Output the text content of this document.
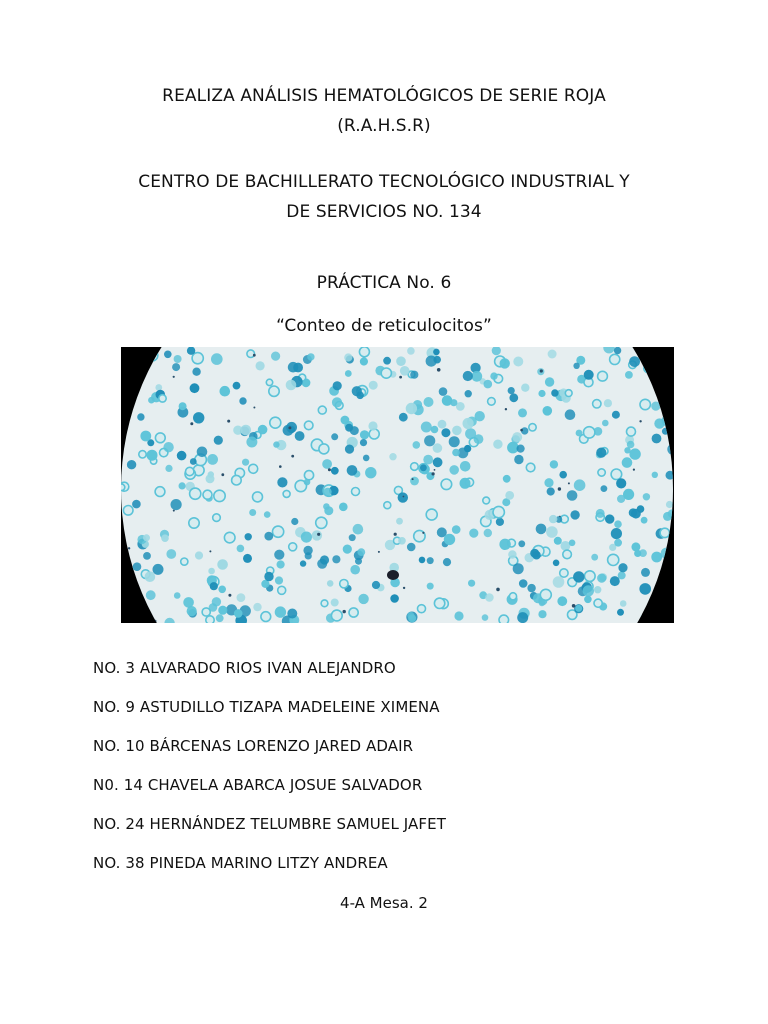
REALIZA ANÁLISIS HEMATOLÓGICOS DE SERIE ROJA
(R.A.H.S.R)
CENTRO DE BACHILLERATO TECNOLÓGICO INDUSTRIAL Y
DE SERVICIOS NO. 134
PRÁCTICA No. 6
“Conteo de reticulocitos”
NO. 3 ALVARADO RIOS IVAN ALEJANDRO
NO. 9 ASTUDILLO TIZAPA MADELEINE XIMENA
NO. 10 BÁRCENAS LORENZO JARED ADAIR
N0. 14 CHAVELA ABARCA JOSUE SALVADOR
NO. 24 HERNÁNDEZ TELUMBRE SAMUEL JAFET
NO. 38 PINEDA MARINO LITZY ANDREA
4-A Mesa. 2
